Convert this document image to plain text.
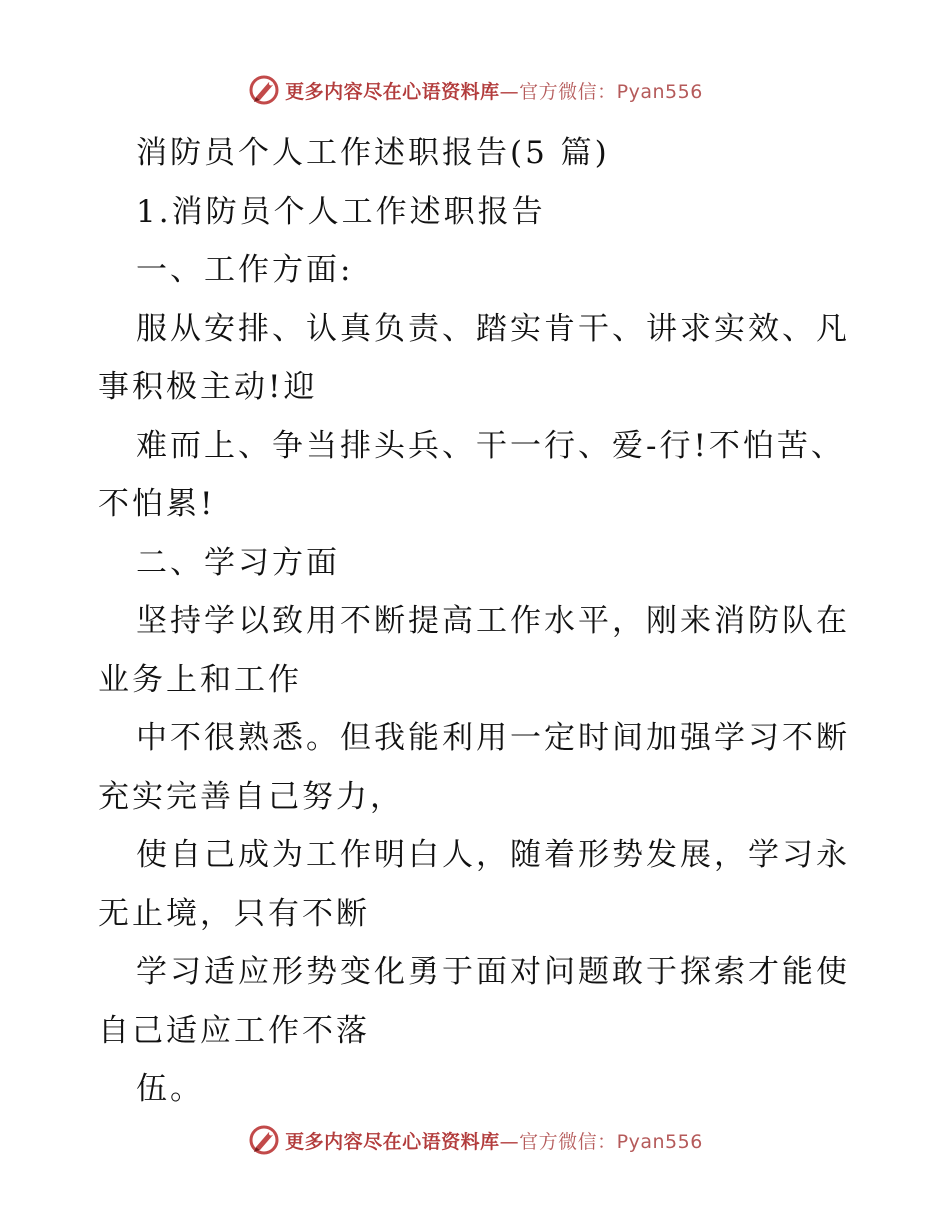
更多内容尽在心语资料库—官方微信：Pyan556
消防员个人工作述职报告(5 篇)
1.消防员个人工作述职报告
一、工作方面:
服从安排、认真负责、踏实肯干、讲求实效、凡
事积极主动!迎
难而上、争当排头兵、干一行、爱-行!不怕苦、
不怕累!
二、学习方面
坚持学以致用不断提高工作水平，刚来消防队在
业务上和工作
中不很熟悉。但我能利用一定时间加强学习不断
充实完善自己努力，
使自己成为工作明白人，随着形势发展，学习永
无止境，只有不断
学习适应形势变化勇于面对问题敢于探索才能使
自己适应工作不落
伍。
更多内容尽在心语资料库—官方微信：Pyan556
